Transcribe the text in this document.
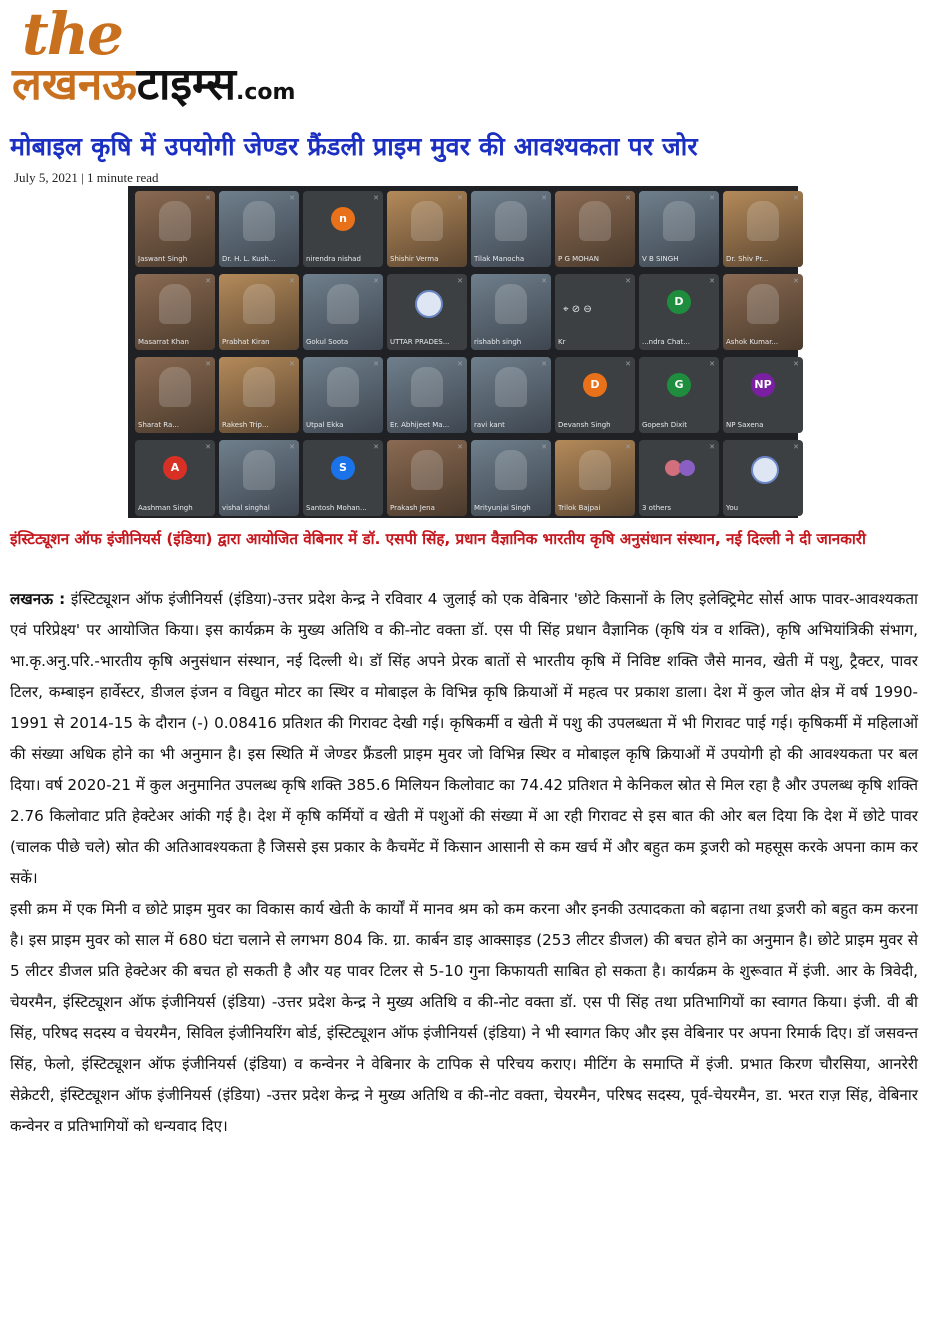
the
लखनऊटाइम्स.com
मोबाइल कृषि में उपयोगी जेण्डर फ्रैंडली प्राइम मुवर की आवश्यकता पर जोर
July 5, 2021 | 1 minute read
✕
Jaswant Singh
✕
Dr. H. L. Kush...
n
✕
nirendra nishad
✕
Shishir Verma
✕
Tilak Manocha
✕
P G MOHAN
✕
V B SINGH
✕
Dr. Shiv Pr...
✕
Masarrat Khan
✕
Prabhat Kiran
✕
Gokul Soota
✕
UTTAR PRADES...
✕
rishabh singh
⌖ ⊘ ⊖
✕
Kr
D
✕
...ndra Chat...
✕
Ashok Kumar...
✕
Sharat Ra...
✕
Rakesh Trip...
✕
Utpal Ekka
✕
Er. Abhijeet Ma...
✕
ravi kant
D
✕
Devansh Singh
G
✕
Gopesh Dixit
NP
✕
NP Saxena
A
✕
Aashman Singh
✕
vishal singhal
S
✕
Santosh Mohan...
✕
Prakash Jena
✕
Mrityunjai Singh
✕
Trilok Bajpai
✕
3 others
✕
You
इंस्टिट्यूशन ऑफ इंजीनियर्स (इंडिया) द्वारा आयोजित वेबिनार में डॉ. एसपी सिंह, प्रधान वैज्ञानिक भारतीय कृषि अनुसंधान संस्थान, नई दिल्ली ने दी जानकारी

लखनऊ : इंस्टिट्यूशन ऑफ इंजीनियर्स (इंडिया)-उत्तर प्रदेश केन्द्र ने रविवार 4 जुलाई को एक वेबिनार 'छोटे किसानों के लिए इलेक्ट्रिमेट सोर्स आफ पावर-आवश्यकता एवं परिप्रेक्ष्य' पर आयोजित किया। इस कार्यक्रम के मुख्य अतिथि व की-नोट वक्ता डॉ. एस पी सिंह प्रधान वैज्ञानिक (कृषि यंत्र व शक्ति), कृषि अभियांत्रिकी संभाग, भा.कृ.अनु.परि.-भारतीय कृषि अनुसंधान संस्थान, नई दिल्ली थे। डॉ सिंह अपने प्रेरक बातों से भारतीय कृषि में निविष्ट शक्ति जैसे मानव, खेती में पशु, ट्रैक्टर, पावर टिलर, कम्बाइन हार्वेस्टर, डीजल इंजन व विद्युत मोटर का स्थिर व मोबाइल के विभिन्न कृषि क्रियाओं में महत्व पर प्रकाश डाला। देश में कुल जोत क्षेत्र में वर्ष 1990-1991 से 2014-15 के दौरान (-) 0.08416 प्रतिशत की गिरावट देखी गई। कृषिकर्मी व खेती में पशु की उपलब्धता में भी गिरावट पाई गई। कृषिकर्मी में महिलाओं की संख्या अधिक होने का भी अनुमान है। इस स्थिति में जेण्डर फ्रैंडली प्राइम मुवर जो विभिन्न स्थिर व मोबाइल कृषि क्रियाओं में उपयोगी हो की आवश्यकता पर बल दिया। वर्ष 2020-21 में कुल अनुमानित उपलब्ध कृषि शक्ति 385.6 मिलियन किलोवाट का 74.42 प्रतिशत मे केनिकल स्रोत से मिल रहा है और उपलब्ध कृषि शक्ति 2.76 किलोवाट प्रति हेक्टेअर आंकी गई है। देश में कृषि कर्मियों व खेती में पशुओं की संख्या में आ रही गिरावट से इस बात की ओर बल दिया कि देश में छोटे पावर (चालक पीछे चले) स्रोत की अतिआवश्यकता है जिससे इस प्रकार के कैचमेंट में किसान आसानी से कम खर्च में और बहुत कम ड्रजरी को महसूस करके अपना काम कर सकें।

इसी क्रम में एक मिनी व छोटे प्राइम मुवर का विकास कार्य खेती के कार्यों में मानव श्रम को कम करना और इनकी उत्पादकता को बढ़ाना तथा ड्रजरी को बहुत कम करना है। इस प्राइम मुवर को साल में 680 घंटा चलाने से लगभग 804 कि. ग्रा. कार्बन डाइ आक्साइड (253 लीटर डीजल) की बचत होने का अनुमान है। छोटे प्राइम मुवर से 5 लीटर डीजल प्रति हेक्टेअर की बचत हो सकती है और यह पावर टिलर से 5-10 गुना किफायती साबित हो सकता है। कार्यक्रम के शुरूवात में इंजी. आर के त्रिवेदी, चेयरमैन, इंस्टिट्यूशन ऑफ इंजीनियर्स (इंडिया) -उत्तर प्रदेश केन्द्र ने मुख्य अतिथि व की-नोट वक्ता डॉ. एस पी सिंह तथा प्रतिभागियों का स्वागत किया। इंजी. वी बी सिंह, परिषद सदस्य व चेयरमैन, सिविल इंजीनियरिंग बोर्ड, इंस्टिट्यूशन ऑफ इंजीनियर्स (इंडिया) ने भी स्वागत किए और इस वेबिनार पर अपना रिमार्क दिए। डॉ जसवन्त सिंह, फेलो, इंस्टिट्यूशन ऑफ इंजीनियर्स (इंडिया) व कन्वेनर ने वेबिनार के टापिक से परिचय कराए। मीटिंग के समाप्ति में इंजी. प्रभात किरण चौरसिया, आनरेरी सेक्रेटरी, इंस्टिट्यूशन ऑफ इंजीनियर्स (इंडिया) -उत्तर प्रदेश केन्द्र ने मुख्य अतिथि व की-नोट वक्ता, चेयरमैन, परिषद सदस्य, पूर्व-चेयरमैन, डा. भरत राज़ सिंह, वेबिनार कन्वेनर व प्रतिभागियों को धन्यवाद दिए।
